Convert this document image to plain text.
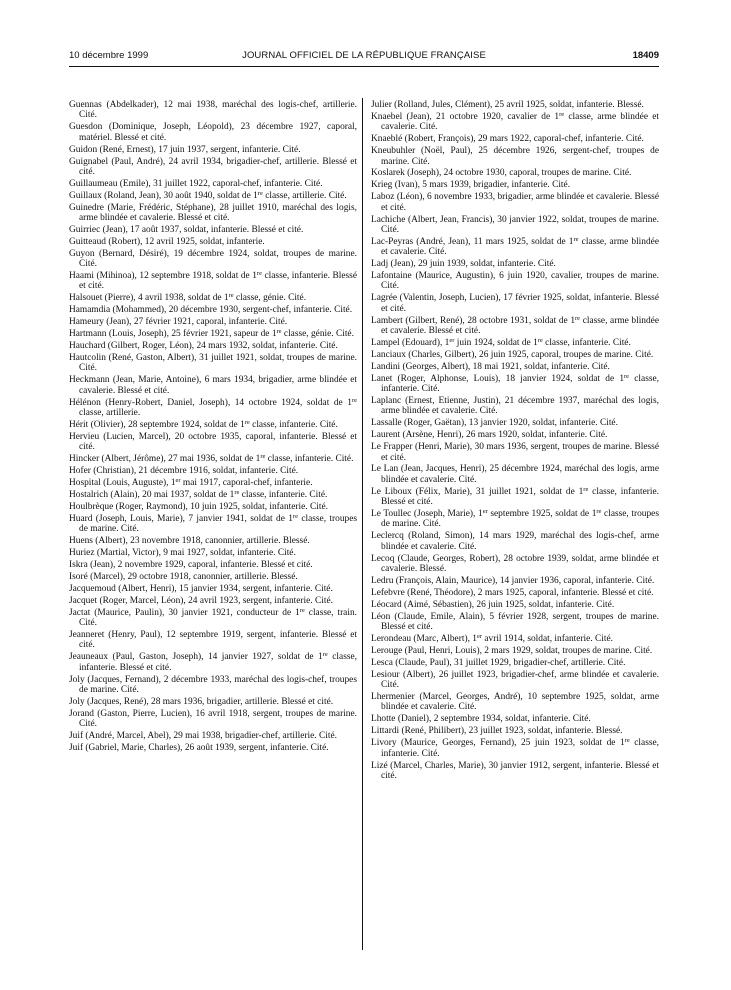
10 décembre 1999	JOURNAL OFFICIEL DE LA RÉPUBLIQUE FRANÇAISE	18409

Guennas (Abdelkader), 12 mai 1938, maréchal des logis-chef, artillerie. Cité.

Guesdon (Dominique, Joseph, Léopold), 23 décembre 1927, caporal, matériel. Blessé et cité.

Guidon (René, Ernest), 17 juin 1937, sergent, infanterie. Cité.

Guignabel (Paul, André), 24 avril 1934, brigadier-chef, artillerie. Blessé et cité.

Guillaumeau (Emile), 31 juillet 1922, caporal-chef, infanterie. Cité.

Guillaux (Roland, Jean), 30 août 1940, soldat de 1re classe, artillerie. Cité.

Guinedre (Marie, Frédéric, Stéphane), 28 juillet 1910, maréchal des logis, arme blindée et cavalerie. Blessé et cité.

Guirriec (Jean), 17 août 1937, soldat, infanterie. Blessé et cité.

Guitteaud (Robert), 12 avril 1925, soldat, infanterie.

Guyon (Bernard, Désiré), 19 décembre 1924, soldat, troupes de marine. Cité.

Haami (Mihinoa), 12 septembre 1918, soldat de 1re classe, infanterie. Blessé et cité.

Halsouet (Pierre), 4 avril 1938, soldat de 1re classe, génie. Cité.

Hamamdia (Mohammed), 20 décembre 1930, sergent-chef, infanterie. Cité.

Hameury (Jean), 27 février 1921, caporal, infanterie. Cité.

Hartmann (Louis, Joseph), 25 février 1921, sapeur de 1re classe, génie. Cité.

Hauchard (Gilbert, Roger, Léon), 24 mars 1932, soldat, infanterie. Cité.

Hautcolin (René, Gaston, Albert), 31 juillet 1921, soldat, troupes de marine. Cité.

Heckmann (Jean, Marie, Antoine), 6 mars 1934, brigadier, arme blindée et cavalerie. Blessé et cité.

Hélénon (Henry-Robert, Daniel, Joseph), 14 octobre 1924, soldat de 1re classe, artillerie.

Hérit (Olivier), 28 septembre 1924, soldat de 1re classe, infanterie. Cité.

Hervieu (Lucien, Marcel), 20 octobre 1935, caporal, infanterie. Blessé et cité.

Hincker (Albert, Jérôme), 27 mai 1936, soldat de 1re classe, infanterie. Cité.

Hofer (Christian), 21 décembre 1916, soldat, infanterie. Cité.

Hospital (Louis, Auguste), 1er mai 1917, caporal-chef, infanterie.

Hostalrich (Alain), 20 mai 1937, soldat de 1re classe, infanterie. Cité.

Houlbrèque (Roger, Raymond), 10 juin 1925, soldat, infanterie. Cité.

Huard (Joseph, Louis, Marie), 7 janvier 1941, soldat de 1re classe, troupes de marine. Cité.

Huens (Albert), 23 novembre 1918, canonnier, artillerie. Blessé.

Huriez (Martial, Victor), 9 mai 1927, soldat, infanterie. Cité.

Iskra (Jean), 2 novembre 1929, caporal, infanterie. Blessé et cité.

Isoré (Marcel), 29 octobre 1918, canonnier, artillerie. Blessé.

Jacquemoud (Albert, Henri), 15 janvier 1934, sergent, infanterie. Cité.

Jacquet (Roger, Marcel, Léon), 24 avril 1923, sergent, infanterie. Cité.

Jactat (Maurice, Paulin), 30 janvier 1921, conducteur de 1re classe, train. Cité.

Jeanneret (Henry, Paul), 12 septembre 1919, sergent, infanterie. Blessé et cité.

Jeauneaux (Paul, Gaston, Joseph), 14 janvier 1927, soldat de 1re classe, infanterie. Blessé et cité.

Joly (Jacques, Fernand), 2 décembre 1933, maréchal des logis-chef, troupes de marine. Cité.

Joly (Jacques, René), 28 mars 1936, brigadier, artillerie. Blessé et cité.

Jorand (Gaston, Pierre, Lucien), 16 avril 1918, sergent, troupes de marine. Cité.

Juif (André, Marcel, Abel), 29 mai 1938, brigadier-chef, artillerie. Cité.

Juif (Gabriel, Marie, Charles), 26 août 1939, sergent, infanterie. Cité.

Julier (Rolland, Jules, Clément), 25 avril 1925, soldat, infanterie. Blessé.

Knaebel (Jean), 21 octobre 1920, cavalier de 1re classe, arme blindée et cavalerie. Cité.

Knaeblé (Robert, François), 29 mars 1922, caporal-chef, infanterie. Cité.

Kneubuhler (Noël, Paul), 25 décembre 1926, sergent-chef, troupes de marine. Cité.

Koslarek (Joseph), 24 octobre 1930, caporal, troupes de marine. Cité.

Krieg (Ivan), 5 mars 1939, brigadier, infanterie. Cité.

Laboz (Léon), 6 novembre 1933, brigadier, arme blindée et cavalerie. Blessé et cité.

Lachiche (Albert, Jean, Francis), 30 janvier 1922, soldat, troupes de marine. Cité.

Lac-Peyras (André, Jean), 11 mars 1925, soldat de 1re classe, arme blindée et cavalerie. Cité.

Ladj (Jean), 29 juin 1939, soldat, infanterie. Cité.

Lafontaine (Maurice, Augustin), 6 juin 1920, cavalier, troupes de marine. Cité.

Lagrée (Valentin, Joseph, Lucien), 17 février 1925, soldat, infanterie. Blessé et cité.

Lambert (Gilbert, René), 28 octobre 1931, soldat de 1re classe, arme blindée et cavalerie. Blessé et cité.

Lampel (Edouard), 1er juin 1924, soldat de 1re classe, infanterie. Cité.

Lanciaux (Charles, Gilbert), 26 juin 1925, caporal, troupes de marine. Cité.

Landini (Georges, Albert), 18 mai 1921, soldat, infanterie. Cité.

Lanet (Roger, Alphonse, Louis), 18 janvier 1924, soldat de 1re classe, infanterie. Cité.

Laplanc (Ernest, Etienne, Justin), 21 décembre 1937, maréchal des logis, arme blindée et cavalerie. Cité.

Lassalle (Roger, Gaëtan), 13 janvier 1920, soldat, infanterie. Cité.

Laurent (Arsène, Henri), 26 mars 1920, soldat, infanterie. Cité.

Le Frapper (Henri, Marie), 30 mars 1936, sergent, troupes de marine. Blessé et cité.

Le Lan (Jean, Jacques, Henri), 25 décembre 1924, maréchal des logis, arme blindée et cavalerie. Cité.

Le Liboux (Félix, Marie), 31 juillet 1921, soldat de 1re classe, infanterie. Blessé et cité.

Le Toullec (Joseph, Marie), 1er septembre 1925, soldat de 1re classe, troupes de marine. Cité.

Leclercq (Roland, Simon), 14 mars 1929, maréchal des logis-chef, arme blindée et cavalerie. Cité.

Lecoq (Claude, Georges, Robert), 28 octobre 1939, soldat, arme blindée et cavalerie. Blessé.

Ledru (François, Alain, Maurice), 14 janvier 1936, caporal, infanterie. Cité.

Lefebvre (René, Théodore), 2 mars 1925, caporal, infanterie. Blessé et cité.

Léocard (Aimé, Sébastien), 26 juin 1925, soldat, infanterie. Cité.

Léon (Claude, Emile, Alain), 5 février 1928, sergent, troupes de marine. Blessé et cité.

Lerondeau (Marc, Albert), 1er avril 1914, soldat, infanterie. Cité.

Lerouge (Paul, Henri, Louis), 2 mars 1929, soldat, troupes de marine. Cité.

Lesca (Claude, Paul), 31 juillet 1929, brigadier-chef, artillerie. Cité.

Lesiour (Albert), 26 juillet 1923, brigadier-chef, arme blindée et cavalerie. Cité.

Lhermenier (Marcel, Georges, André), 10 septembre 1925, soldat, arme blindée et cavalerie. Cité.

Lhotte (Daniel), 2 septembre 1934, soldat, infanterie. Cité.

Littardi (René, Philibert), 23 juillet 1923, soldat, infanterie. Blessé.

Livory (Maurice, Georges, Fernand), 25 juin 1923, soldat de 1re classe, infanterie. Cité.

Lizé (Marcel, Charles, Marie), 30 janvier 1912, sergent, infanterie. Blessé et cité.
